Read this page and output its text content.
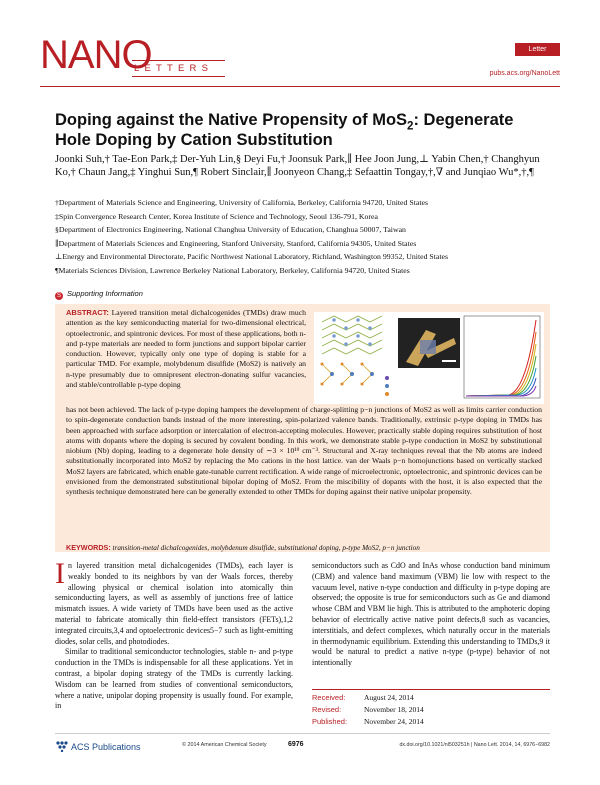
NANO
LETTERS
Letter
pubs.acs.org/NanoLett
Doping against the Native Propensity of MoS$_2$: Degenerate Hole Doping by Cation Substitution
Joonki Suh,† Tae-Eon Park,‡ Der-Yuh Lin,§ Deyi Fu,† Joonsuk Park,∥ Hee Joon Jung,⊥ Yabin Chen,† Changhyun Ko,† Chaun Jang,‡ Yinghui Sun,¶ Robert Sinclair,∥ Joonyeon Chang,‡ Sefaattin Tongay,†,∇ and Junqiao Wu*,†,¶
†Department of Materials Science and Engineering, University of California, Berkeley, California 94720, United States
‡Spin Convergence Research Center, Korea Institute of Science and Technology, Seoul 136-791, Korea
§Department of Electronics Engineering, National Changhua University of Education, Changhua 50007, Taiwan
∥Department of Materials Sciences and Engineering, Stanford University, Stanford, California 94305, United States
⊥Energy and Environmental Directorate, Pacific Northwest National Laboratory, Richland, Washington 99352, United States
¶Materials Sciences Division, Lawrence Berkeley National Laboratory, Berkeley, California 94720, United States
S Supporting Information
ABSTRACT: Layered transition metal dichalcogenides (TMDs) draw much attention as the key semiconducting material for two-dimensional electrical, optoelectronic, and spintronic devices. For most of these applications, both n- and p-type materials are needed to form junctions and support bipolar carrier conduction. However, typically only one type of doping is stable for a particular TMD. For example, molybdenum disulfide (MoS2) is natively an n-type presumably due to omnipresent electron-donating sulfur vacancies, and stable/controllable p-type doping
has not been achieved. The lack of p-type doping hampers the development of charge-splitting p−n junctions of MoS2 as well as limits carrier conduction to spin-degenerate conduction bands instead of the more interesting, spin-polarized valence bands. Traditionally, extrinsic p-type doping in TMDs has been approached with surface adsorption or intercalation of electron-accepting molecules. However, practically stable doping requires substitution of host atoms with dopants where the doping is secured by covalent bonding. In this work, we demonstrate stable p-type conduction in MoS2 by substitutional niobium (Nb) doping, leading to a degenerate hole density of ∼3 × 10¹⁹ cm⁻³. Structural and X-ray techniques reveal that the Nb atoms are indeed substitutionally incorporated into MoS2 by replacing the Mo cations in the host lattice. van der Waals p−n homojunctions based on vertically stacked MoS2 layers are fabricated, which enable gate-tunable current rectification. A wide range of microelectronic, optoelectronic, and spintronic devices can be envisioned from the demonstrated substitutional bipolar doping of MoS2. From the miscibility of dopants with the host, it is also expected that the synthesis technique demonstrated here can be generally extended to other TMDs for doping against their native unipolar propensity.
KEYWORDS: transition-metal dichalcogenides, molybdenum disulfide, substitutional doping, p-type MoS2, p−n junction

In layered transition metal dichalcogenides (TMDs), each layer is weakly bonded to its neighbors by van der Waals forces, thereby allowing physical or chemical isolation into atomically thin semiconducting layers, as well as assembly of junctions free of lattice mismatch issues. A wide variety of TMDs have been used as the active material to fabricate atomically thin field-effect transistors (FETs),1,2 integrated circuits,3,4 and optoelectronic devices5−7 such as light-emitting diodes, solar cells, and photodiodes.

Similar to traditional semiconductor technologies, stable n- and p-type conduction in the TMDs is indispensable for all these applications. Yet in contrast, a bipolar doping strategy of the TMDs is currently lacking. Wisdom can be learned from studies of conventional semiconductors, where a native, unipolar doping propensity is usually found. For example, in

semiconductors such as CdO and InAs whose conduction band minimum (CBM) and valence band maximum (VBM) lie low with respect to the vacuum level, native n-type conduction and difficulty in p-type doping are observed; the opposite is true for semiconductors such as Ge and diamond whose CBM and VBM lie high. This is attributed to the amphoteric doping behavior of electrically active native point defects,8 such as vacancies, interstitials, and defect complexes, which naturally occur in the materials in thermodynamic equilibrium. Extending this understanding to TMDs,9 it would be natural to predict a native n-type (p-type) behavior of not intentionally

Received: August 24, 2014
Revised:	November 18, 2014
Published: November 24, 2014
ACS Publications	© 2014 American Chemical Society	6976	dx.doi.org/10.1021/nl503251h | Nano Lett. 2014, 14, 6976−6982
